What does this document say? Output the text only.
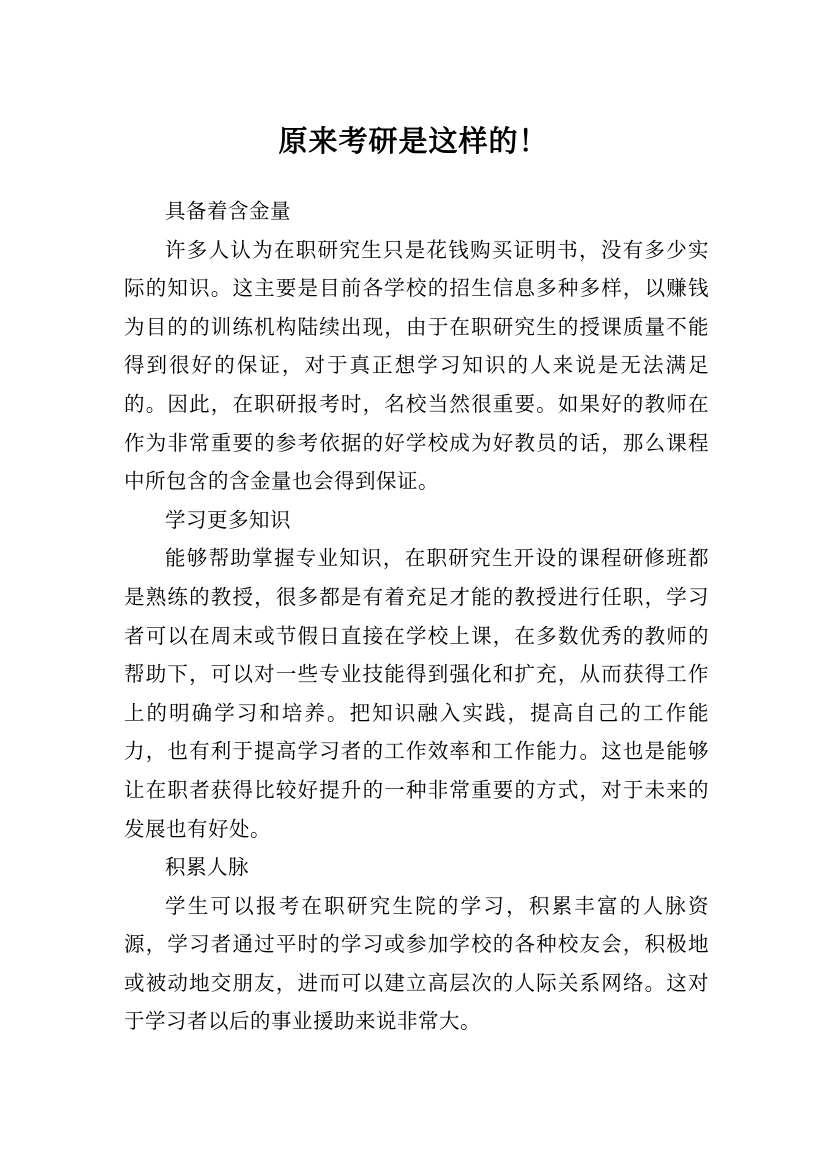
原来考研是这样的！
具备着含金量

许多人认为在职研究生只是花钱购买证明书，没有多少实际的知识。这主要是目前各学校的招生信息多种多样，以赚钱为目的的训练机构陆续出现，由于在职研究生的授课质量不能得到很好的保证，对于真正想学习知识的人来说是无法满足的。因此，在职研报考时，名校当然很重要。如果好的教师在作为非常重要的参考依据的好学校成为好教员的话，那么课程中所包含的含金量也会得到保证。

学习更多知识

能够帮助掌握专业知识，在职研究生开设的课程研修班都是熟练的教授，很多都是有着充足才能的教授进行任职，学习者可以在周末或节假日直接在学校上课，在多数优秀的教师的帮助下，可以对一些专业技能得到强化和扩充，从而获得工作上的明确学习和培养。把知识融入实践，提高自己的工作能力，也有利于提高学习者的工作效率和工作能力。这也是能够让在职者获得比较好提升的一种非常重要的方式，对于未来的发展也有好处。

积累人脉

学生可以报考在职研究生院的学习，积累丰富的人脉资源，学习者通过平时的学习或参加学校的各种校友会，积极地或被动地交朋友，进而可以建立高层次的人际关系网络。这对于学习者以后的事业援助来说非常大。
